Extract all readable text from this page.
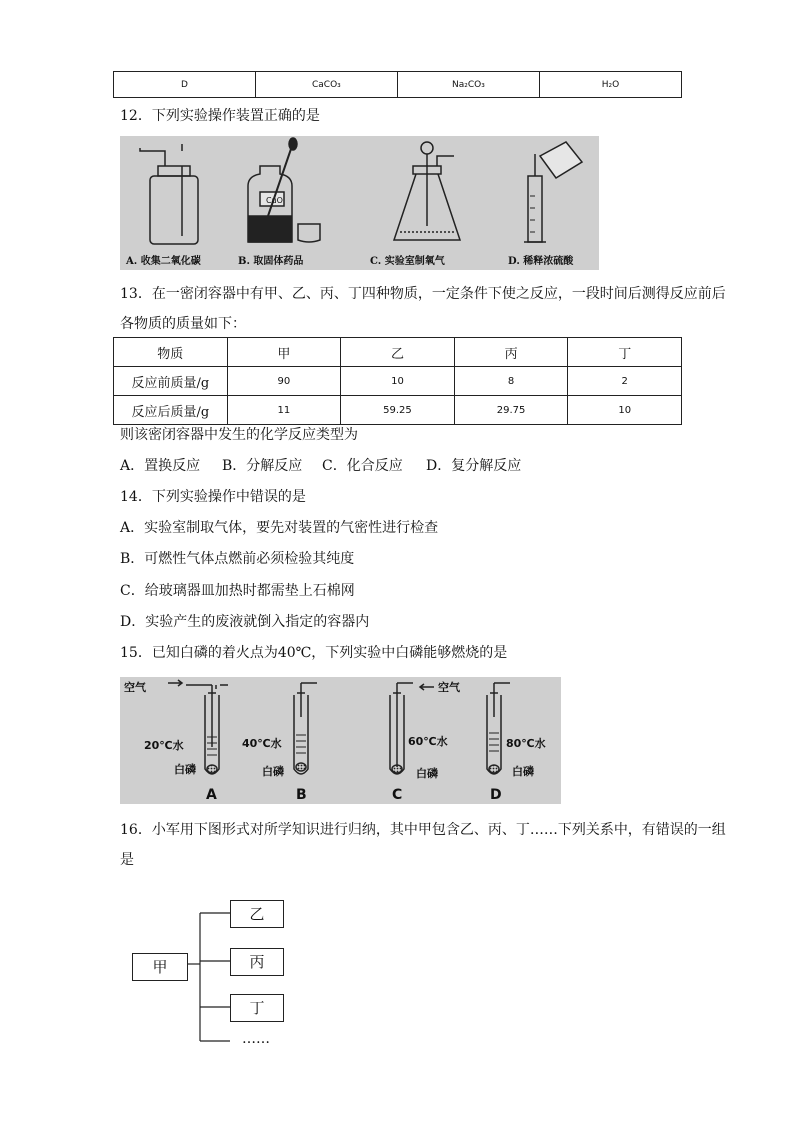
D	CaCO₃	Na₂CO₃	H₂O
12．下列实验操作装置正确的是
CuO
A. 收集二氧化碳	B. 取固体药品	C. 实验室制氧气	D. 稀释浓硫酸
13．在一密闭容器中有甲、乙、丙、丁四种物质，一定条件下使之反应，一段时间后测得反应前后
各物质的质量如下：
物质	甲	乙	丙	丁
反应前质量/g	90	10	8	2
反应后质量/g	11	59.25	29.75	10
则该密闭容器中发生的化学反应类型为
A．置换反应 B．分解反应 C．化合反应 D．复分解反应
14．下列实验操作中错误的是
A．实验室制取气体，要先对装置的气密性进行检查
B．可燃性气体点燃前必须检验其纯度
C．给玻璃器皿加热时都需垫上石棉网
D．实验产生的废液就倒入指定的容器内
15．已知白磷的着火点为40℃，下列实验中白磷能够燃烧的是
空气	空气
20℃水	40℃水	60℃水	80℃水
白磷	白磷	白磷	白磷
A	B	C	D
16．小军用下图形式对所学知识进行归纳，其中甲包含乙、丙、丁……下列关系中，有错误的一组
是
甲
乙
丙
丁
……
